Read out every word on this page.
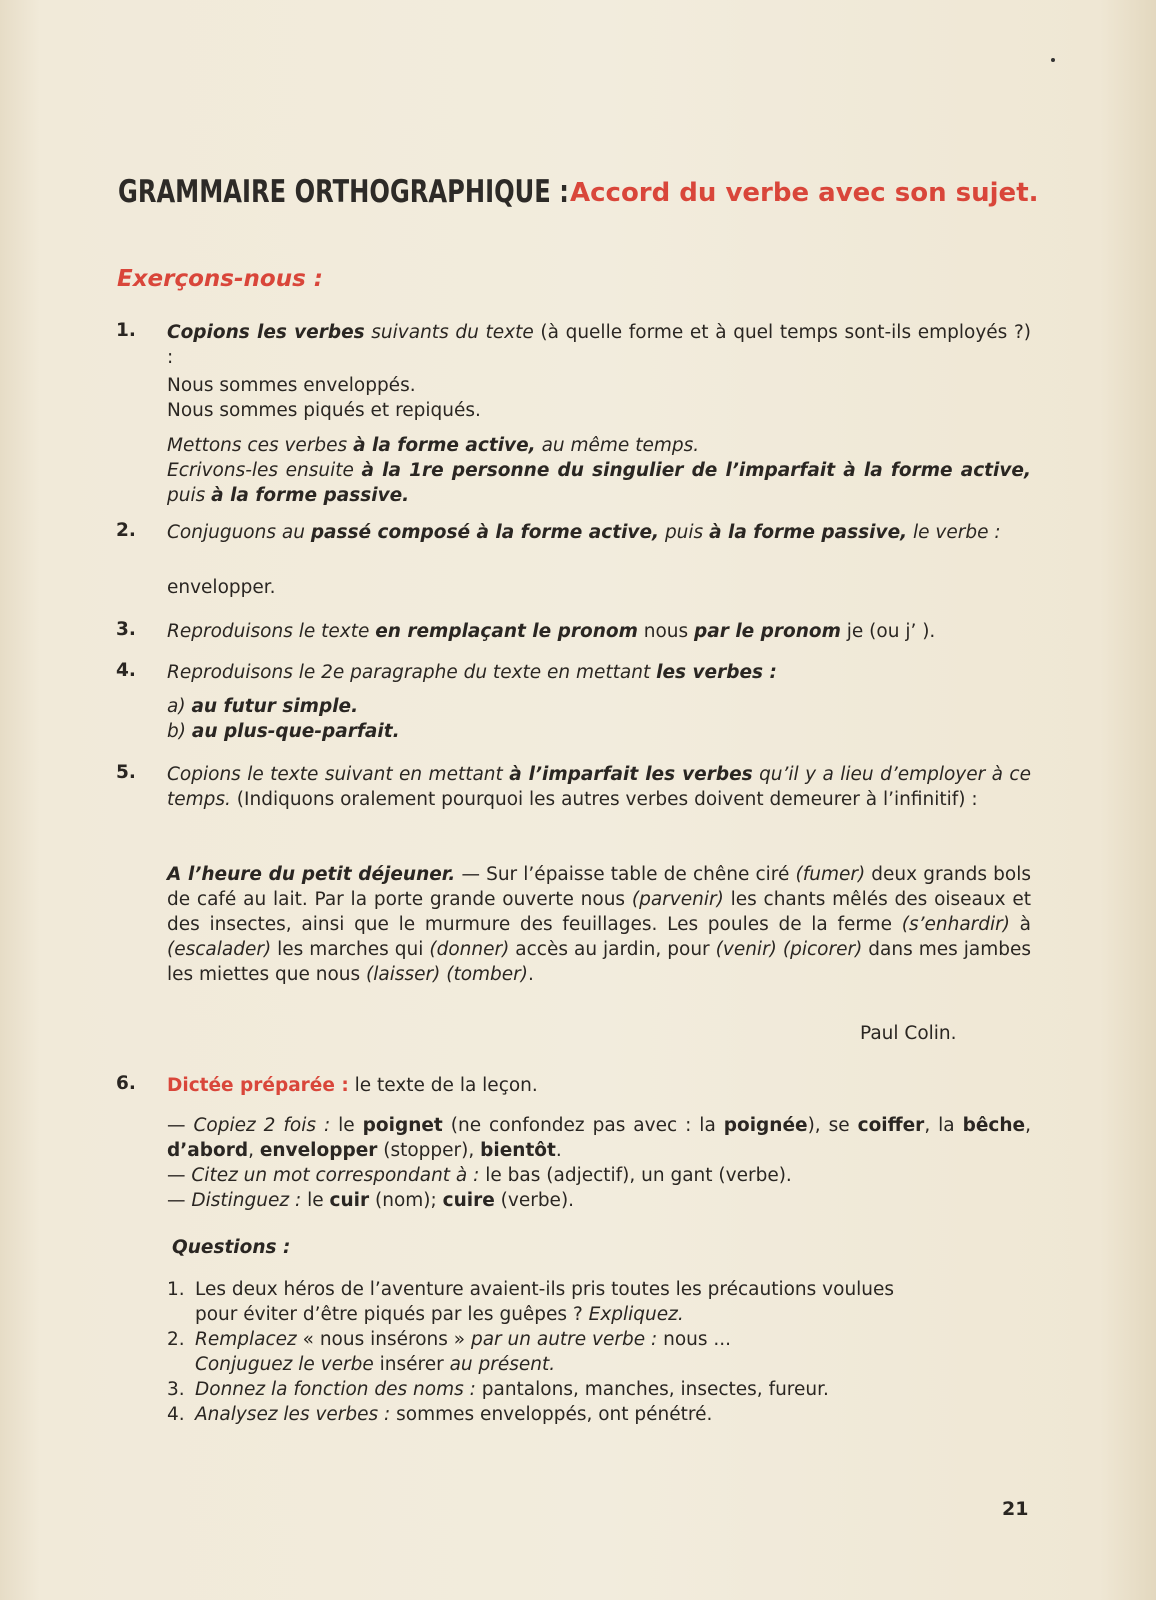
GRAMMAIRE ORTHOGRAPHIQUE : Accord du verbe avec son sujet.
Exerçons-nous :
1. Copions les verbes suivants du texte (à quelle forme et à quel temps sont-ils employés ?) :
Nous sommes enveloppés.
Nous sommes piqués et repiqués.
Mettons ces verbes à la forme active, au même temps.
Ecrivons-les ensuite à la 1re personne du singulier de l’imparfait à la forme active, puis à la forme passive.
2. Conjuguons au passé composé à la forme active, puis à la forme passive, le verbe :
envelopper.
3. Reproduisons le texte en remplaçant le pronom nous par le pronom je (ou j’ ).
4. Reproduisons le 2e paragraphe du texte en mettant les verbes :
a) au futur simple.
b) au plus-que-parfait.
5. Copions le texte suivant en mettant à l’imparfait les verbes qu’il y a lieu d’employer à ce temps. (Indiquons oralement pourquoi les autres verbes doivent demeurer à l’infinitif) :
A l’heure du petit déjeuner. — Sur l’épaisse table de chêne ciré (fumer) deux grands bols de café au lait. Par la porte grande ouverte nous (parvenir) les chants mêlés des oiseaux et des insectes, ainsi que le murmure des feuillages. Les poules de la ferme (s’enhardir) à (escalader) les marches qui (donner) accès au jardin, pour (venir) (picorer) dans mes jambes les miettes que nous (laisser) (tomber).
Paul Colin.
6. Dictée préparée : le texte de la leçon.
— Copiez 2 fois : le poignet (ne confondez pas avec : la poignée), se coiffer, la bêche, d’abord, envelopper (stopper), bientôt.
— Citez un mot correspondant à : le bas (adjectif), un gant (verbe).
— Distinguez : le cuir (nom); cuire (verbe).
Questions :
1. Les deux héros de l’aventure avaient-ils pris toutes les précautions voulues
pour éviter d’être piqués par les guêpes ? Expliquez.
2. Remplacez « nous insérons » par un autre verbe : nous ...
Conjuguez le verbe insérer au présent.
3. Donnez la fonction des noms : pantalons, manches, insectes, fureur.
4. Analysez les verbes : sommes enveloppés, ont pénétré.
21
